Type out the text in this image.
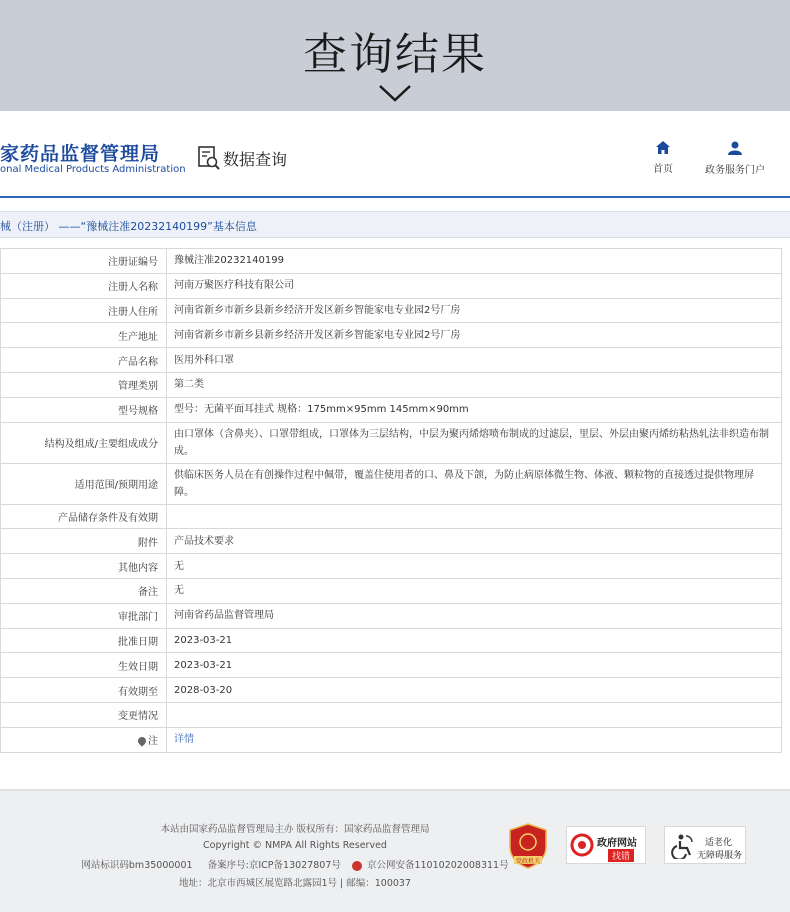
查询结果
家药品监督管理局
onal Medical Products Administration
数据查询
首页	政务服务门户
械（注册） ——“豫械注准20232140199”基本信息
注册证编号	豫械注准20232140199
注册人名称	河南万聚医疗科技有限公司
注册人住所	河南省新乡市新乡县新乡经济开发区新乡智能家电专业园2号厂房
生产地址	河南省新乡市新乡县新乡经济开发区新乡智能家电专业园2号厂房
产品名称	医用外科口罩
管理类别	第二类
型号规格	型号：无菌平面耳挂式 规格：175mm×95mm 145mm×90mm
结构及组成/主要组成成分	由口罩体（含鼻夹）、口罩带组成，口罩体为三层结构，中层为聚丙烯熔喷布制成的过滤层，里层、外层由聚丙烯纺粘热轧法非织造布制成。
适用范围/预期用途	供临床医务人员在有创操作过程中佩带，覆盖住使用者的口、鼻及下颌，为防止病原体微生物、体液、颗粒物的直接透过提供物理屏障。
产品储存条件及有效期	
附件	产品技术要求
其他内容	无
备注	无
审批部门	河南省药品监督管理局
批准日期	2023-03-21
生效日期	2023-03-21
有效期至	2028-03-20
变更情况	
注	详情
本站由国家药品监督管理局主办 版权所有：国家药品监督管理局
Copyright © NMPA All Rights Reserved
网站标识码bm35000001 备案序号:京ICP备13027807号	京公网安备11010202008311号
地址：北京市西城区展览路北露园1号 | 邮编：100037
党政机关
政府网站
找错
适老化
无障碍服务
